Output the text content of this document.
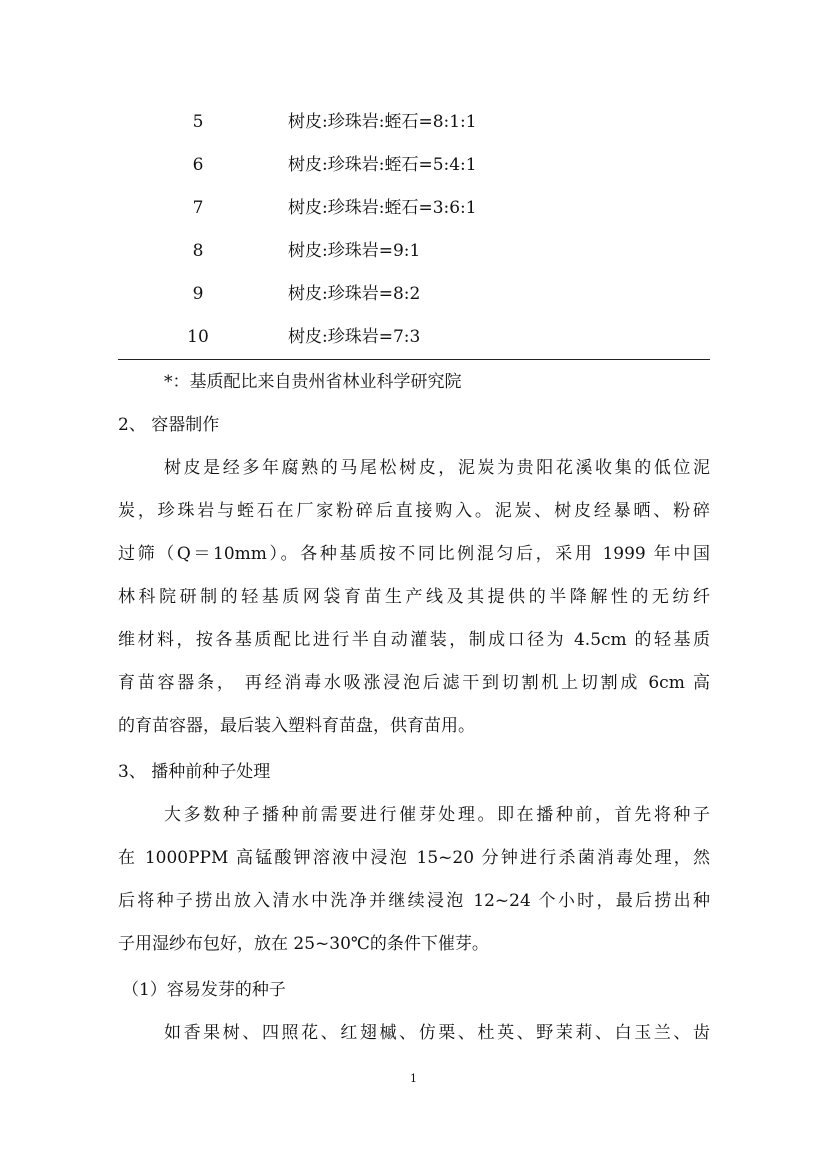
5	树皮:珍珠岩:蛭石=8:1:1
6	树皮:珍珠岩:蛭石=5:4:1
7	树皮:珍珠岩:蛭石=3:6:1
8	树皮:珍珠岩=9:1
9	树皮:珍珠岩=8:2
10	树皮:珍珠岩=7:3
*：基质配比来自贵州省林业科学研究院
2、 容器制作
树皮是经多年腐熟的马尾松树皮，泥炭为贵阳花溪收集的低位泥
炭，珍珠岩与蛭石在厂家粉碎后直接购入。泥炭、树皮经暴晒、粉碎
过筛（Q＝10mm）。各种基质按不同比例混匀后，采用 1999 年中国
林科院研制的轻基质网袋育苗生产线及其提供的半降解性的无纺纤
维材料，按各基质配比进行半自动灌装，制成口径为 4.5cm 的轻基质
育苗容器条， 再经消毒水吸涨浸泡后滤干到切割机上切割成 6cm 高
的育苗容器，最后装入塑料育苗盘，供育苗用。
3、 播种前种子处理
大多数种子播种前需要进行催芽处理。即在播种前，首先将种子
在 1000PPM 高锰酸钾溶液中浸泡 15~20 分钟进行杀菌消毒处理，然
后将种子捞出放入清水中洗净并继续浸泡 12~24 个小时，最后捞出种
子用湿纱布包好，放在 25~30℃的条件下催芽。
（1）容易发芽的种子
如香果树、四照花、红翅槭、仿栗、杜英、野茉莉、白玉兰、齿
1
